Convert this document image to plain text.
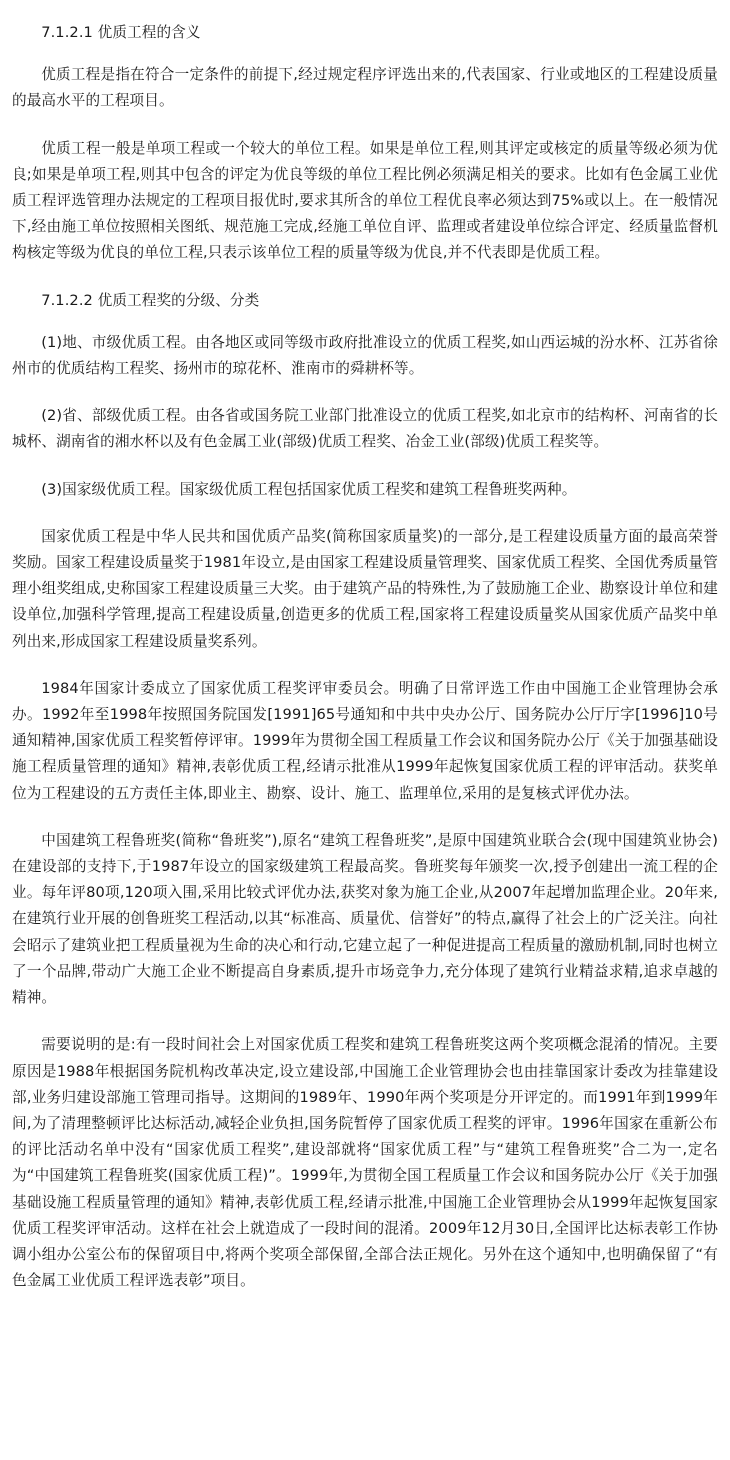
7.1.2.1 优质工程的含义

优质工程是指在符合一定条件的前提下,经过规定程序评选出来的,代表国家、行业或地区的工程建设质量的最高水平的工程项目。

优质工程一般是单项工程或一个较大的单位工程。如果是单位工程,则其评定或核定的质量等级必须为优良;如果是单项工程,则其中包含的评定为优良等级的单位工程比例必须满足相关的要求。比如有色金属工业优质工程评选管理办法规定的工程项目报优时,要求其所含的单位工程优良率必须达到75%或以上。在一般情况下,经由施工单位按照相关图纸、规范施工完成,经施工单位自评、监理或者建设单位综合评定、经质量监督机构核定等级为优良的单位工程,只表示该单位工程的质量等级为优良,并不代表即是优质工程。

7.1.2.2 优质工程奖的分级、分类

(1)地、市级优质工程。由各地区或同等级市政府批准设立的优质工程奖,如山西运城的汾水杯、江苏省徐州市的优质结构工程奖、扬州市的琼花杯、淮南市的舜耕杯等。

(2)省、部级优质工程。由各省或国务院工业部门批准设立的优质工程奖,如北京市的结构杯、河南省的长城杯、湖南省的湘水杯以及有色金属工业(部级)优质工程奖、冶金工业(部级)优质工程奖等。

(3)国家级优质工程。国家级优质工程包括国家优质工程奖和建筑工程鲁班奖两种。

国家优质工程是中华人民共和国优质产品奖(简称国家质量奖)的一部分,是工程建设质量方面的最高荣誉奖励。国家工程建设质量奖于1981年设立,是由国家工程建设质量管理奖、国家优质工程奖、全国优秀质量管理小组奖组成,史称国家工程建设质量三大奖。由于建筑产品的特殊性,为了鼓励施工企业、勘察设计单位和建设单位,加强科学管理,提高工程建设质量,创造更多的优质工程,国家将工程建设质量奖从国家优质产品奖中单列出来,形成国家工程建设质量奖系列。

1984年国家计委成立了国家优质工程奖评审委员会。明确了日常评选工作由中国施工企业管理协会承办。1992年至1998年按照国务院国发[1991]65号通知和中共中央办公厅、国务院办公厅厅字[1996]10号通知精神,国家优质工程奖暂停评审。1999年为贯彻全国工程质量工作会议和国务院办公厅《关于加强基础设施工程质量管理的通知》精神,表彰优质工程,经请示批准从1999年起恢复国家优质工程的评审活动。获奖单位为工程建设的五方责任主体,即业主、勘察、设计、施工、监理单位,采用的是复核式评优办法。

中国建筑工程鲁班奖(简称“鲁班奖”),原名“建筑工程鲁班奖”,是原中国建筑业联合会(现中国建筑业协会)在建设部的支持下,于1987年设立的国家级建筑工程最高奖。鲁班奖每年颁奖一次,授予创建出一流工程的企业。每年评80项,120项入围,采用比较式评优办法,获奖对象为施工企业,从2007年起增加监理企业。20年来,在建筑行业开展的创鲁班奖工程活动,以其“标准高、质量优、信誉好”的特点,赢得了社会上的广泛关注。向社会昭示了建筑业把工程质量视为生命的决心和行动,它建立起了一种促进提高工程质量的激励机制,同时也树立了一个品牌,带动广大施工企业不断提高自身素质,提升市场竞争力,充分体现了建筑行业精益求精,追求卓越的精神。

需要说明的是:有一段时间社会上对国家优质工程奖和建筑工程鲁班奖这两个奖项概念混淆的情况。主要原因是1988年根据国务院机构改革决定,设立建设部,中国施工企业管理协会也由挂靠国家计委改为挂靠建设部,业务归建设部施工管理司指导。这期间的1989年、1990年两个奖项是分开评定的。而1991年到1999年间,为了清理整顿评比达标活动,减轻企业负担,国务院暂停了国家优质工程奖的评审。1996年国家在重新公布的评比活动名单中没有“国家优质工程奖”,建设部就将“国家优质工程”与“建筑工程鲁班奖”合二为一,定名为“中国建筑工程鲁班奖(国家优质工程)”。1999年,为贯彻全国工程质量工作会议和国务院办公厅《关于加强基础设施工程质量管理的通知》精神,表彰优质工程,经请示批准,中国施工企业管理协会从1999年起恢复国家优质工程奖评审活动。这样在社会上就造成了一段时间的混淆。2009年12月30日,全国评比达标表彰工作协调小组办公室公布的保留项目中,将两个奖项全部保留,全部合法正规化。另外在这个通知中,也明确保留了“有色金属工业优质工程评选表彰”项目。
